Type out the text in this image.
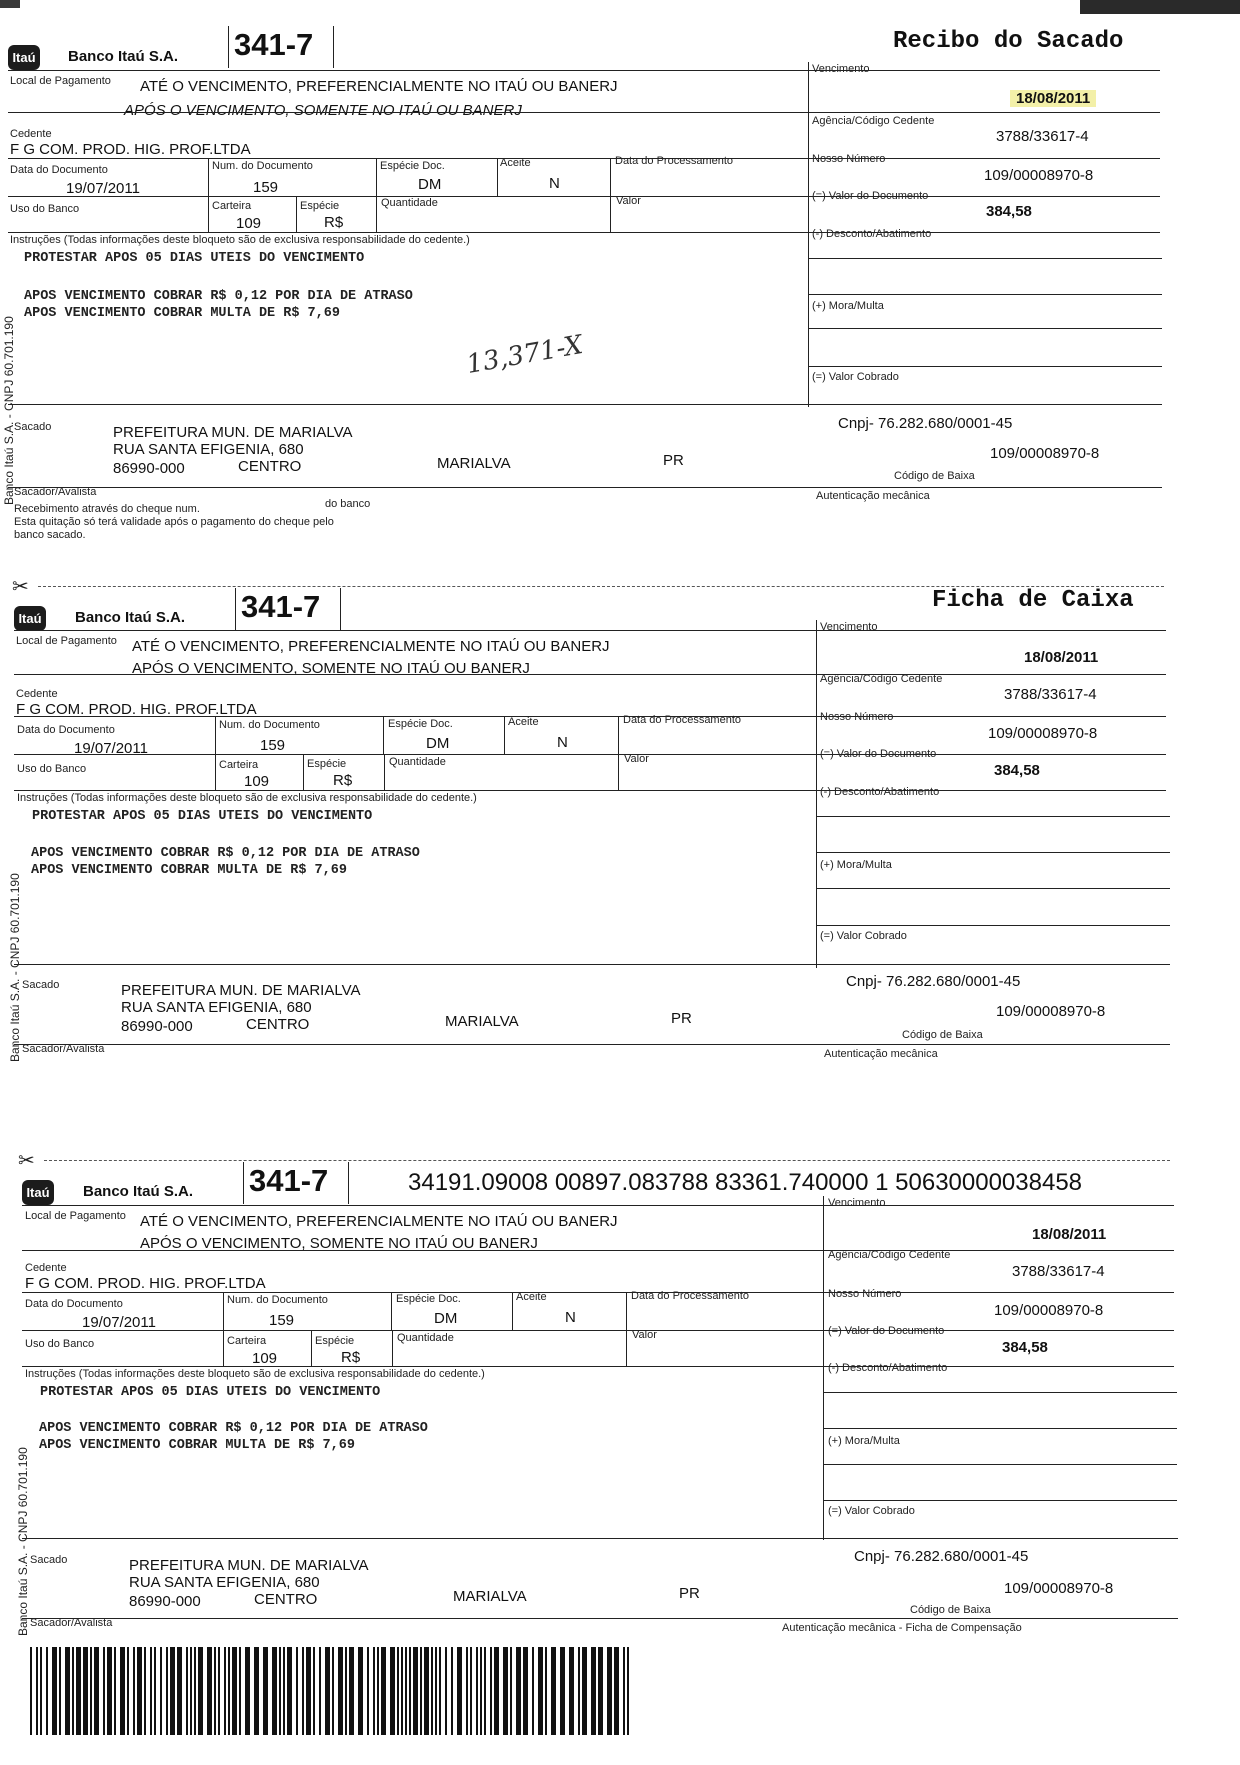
Itaú Banco Itaú S.A. 341-7	Recibo do Sacado
Local de Pagamento ATÉ O VENCIMENTO, PREFERENCIALMENTE NO ITAÚ OU BANERJ
APÓS O VENCIMENTO, SOMENTE NO ITAÚ OU BANERJ
Vencimento
18/08/2011
Cedente
F G COM. PROD. HIG. PROF.LTDA
Agência/Código Cedente
3788/33617-4
Data do Documento
19/07/2011
Num. do Documento
159
Espécie Doc.
DM
Aceite
N
Data do Processamento	Nosso Número
109/00008970-8
Uso do Banco	Carteira
109
Espécie
R$
Quantidade	Valor	(=) Valor do Documento
384,58
Instruções (Todas informações deste bloqueto são de exclusiva responsabilidade do cedente.)
PROTESTAR APOS 05 DIAS UTEIS DO VENCIMENTO
APOS VENCIMENTO COBRAR R$ 0,12 POR DIA DE ATRASO
APOS VENCIMENTO COBRAR MULTA DE R$ 7,69
13,371-X
(-) Desconto/Abatimento
(+) Mora/Multa
(=) Valor Cobrado
Sacado	PREFEITURA MUN. DE MARIALVA
RUA SANTA EFIGENIA, 680
86990-000	CENTRO	MARIALVA	PR
Cnpj- 76.282.680/0001-45
109/00008970-8
Código de Baixa
Sacador/Avalista	Autenticação mecânica
Recebimento através do cheque num.	do banco
Esta quitação só terá validade após o pagamento do cheque pelo
banco sacado.
Banco Itaú S.A. - CNPJ 60.701.190
✂
Itaú Banco Itaú S.A. 341-7	Ficha de Caixa
Local de Pagamento ATÉ O VENCIMENTO, PREFERENCIALMENTE NO ITAÚ OU BANERJ
APÓS O VENCIMENTO, SOMENTE NO ITAÚ OU BANERJ
Vencimento
18/08/2011
Cedente
F G COM. PROD. HIG. PROF.LTDA
Agência/Código Cedente
3788/33617-4
Data do Documento
19/07/2011
Num. do Documento
159
Espécie Doc.
DM
Aceite
N
Data do Processamento	Nosso Número
109/00008970-8
Uso do Banco	Carteira
109
Espécie
R$
Quantidade	Valor	(=) Valor do Documento
384,58
Instruções (Todas informações deste bloqueto são de exclusiva responsabilidade do cedente.)
PROTESTAR APOS 05 DIAS UTEIS DO VENCIMENTO
APOS VENCIMENTO COBRAR R$ 0,12 POR DIA DE ATRASO
APOS VENCIMENTO COBRAR MULTA DE R$ 7,69
(-) Desconto/Abatimento
(+) Mora/Multa
(=) Valor Cobrado
Sacado	PREFEITURA MUN. DE MARIALVA
RUA SANTA EFIGENIA, 680
86990-000	CENTRO	MARIALVA	PR
Cnpj- 76.282.680/0001-45
109/00008970-8
Código de Baixa
Sacador/Avalista	Autenticação mecânica
Banco Itaú S.A. - CNPJ 60.701.190
✂
Itaú Banco Itaú S.A. 341-7	34191.09008 00897.083788 83361.740000 1 50630000038458
Local de Pagamento ATÉ O VENCIMENTO, PREFERENCIALMENTE NO ITAÚ OU BANERJ
APÓS O VENCIMENTO, SOMENTE NO ITAÚ OU BANERJ
Vencimento
18/08/2011
Cedente
F G COM. PROD. HIG. PROF.LTDA
Agência/Código Cedente
3788/33617-4
Data do Documento
19/07/2011
Num. do Documento
159
Espécie Doc.
DM
Aceite
N
Data do Processamento	Nosso Número
109/00008970-8
Uso do Banco	Carteira
109
Espécie
R$
Quantidade	Valor	(=) Valor do Documento
384,58
Instruções (Todas informações deste bloqueto são de exclusiva responsabilidade do cedente.)
PROTESTAR APOS 05 DIAS UTEIS DO VENCIMENTO
APOS VENCIMENTO COBRAR R$ 0,12 POR DIA DE ATRASO
APOS VENCIMENTO COBRAR MULTA DE R$ 7,69
(-) Desconto/Abatimento
(+) Mora/Multa
(=) Valor Cobrado
Sacado	PREFEITURA MUN. DE MARIALVA
RUA SANTA EFIGENIA, 680
86990-000	CENTRO	MARIALVA	PR
Cnpj- 76.282.680/0001-45
109/00008970-8
Código de Baixa
Sacador/Avalista	Autenticação mecânica - Ficha de Compensação
Banco Itaú S.A. - CNPJ 60.701.190
